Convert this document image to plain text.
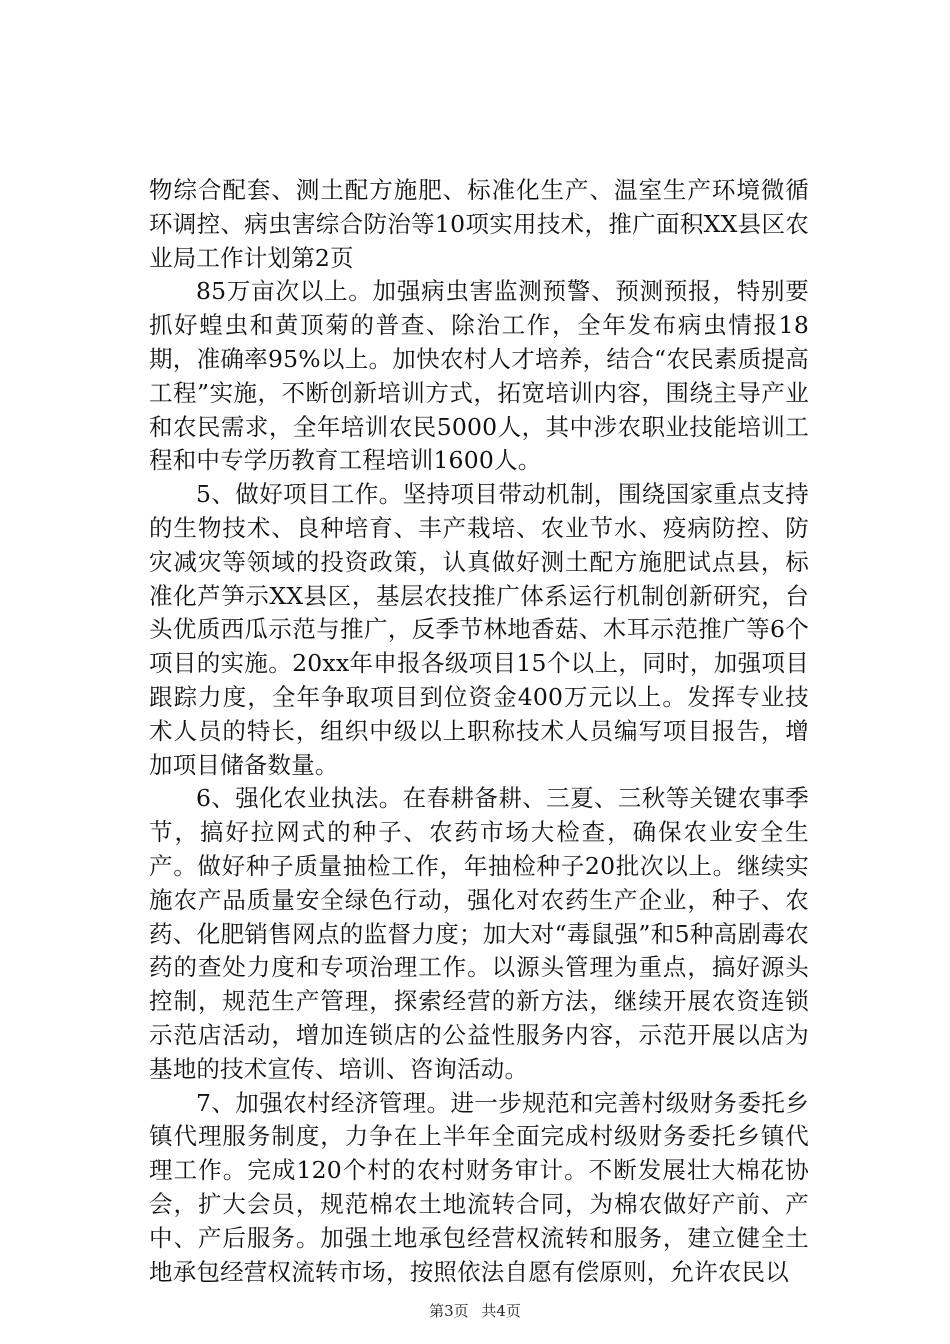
物综合配套、测土配方施肥、标准化生产、温室生产环境微循环调控、病虫害综合防治等10项实用技术，推广面积XX县区农业局工作计划第2页

85万亩次以上。加强病虫害监测预警、预测预报，特别要抓好蝗虫和黄顶菊的普查、除治工作，全年发布病虫情报18期，准确率95%以上。加快农村人才培养，结合“农民素质提高工程”实施，不断创新培训方式，拓宽培训内容，围绕主导产业和农民需求，全年培训农民5000人，其中涉农职业技能培训工程和中专学历教育工程培训1600人。

5、做好项目工作。坚持项目带动机制，围绕国家重点支持的生物技术、良种培育、丰产栽培、农业节水、疫病防控、防灾减灾等领域的投资政策，认真做好测土配方施肥试点县，标准化芦笋示XX县区，基层农技推广体系运行机制创新研究，台头优质西瓜示范与推广，反季节林地香菇、木耳示范推广等6个项目的实施。20xx年申报各级项目15个以上，同时，加强项目跟踪力度，全年争取项目到位资金400万元以上。发挥专业技术人员的特长，组织中级以上职称技术人员编写项目报告，增加项目储备数量。

6、强化农业执法。在春耕备耕、三夏、三秋等关键农事季节，搞好拉网式的种子、农药市场大检查，确保农业安全生产。做好种子质量抽检工作，年抽检种子20批次以上。继续实施农产品质量安全绿色行动，强化对农药生产企业，种子、农药、化肥销售网点的监督力度；加大对“毒鼠强”和5种高剧毒农药的查处力度和专项治理工作。以源头管理为重点，搞好源头控制，规范生产管理，探索经营的新方法，继续开展农资连锁示范店活动，增加连锁店的公益性服务内容，示范开展以店为基地的技术宣传、培训、咨询活动。

7、加强农村经济管理。进一步规范和完善村级财务委托乡镇代理服务制度，力争在上半年全面完成村级财务委托乡镇代理工作。完成120个村的农村财务审计。不断发展壮大棉花协会，扩大会员，规范棉农土地流转合同，为棉农做好产前、产中、产后服务。加强土地承包经营权流转和服务，建立健全土地承包经营权流转市场，按照依法自愿有偿原则，允许农民以

第3页 共4页
